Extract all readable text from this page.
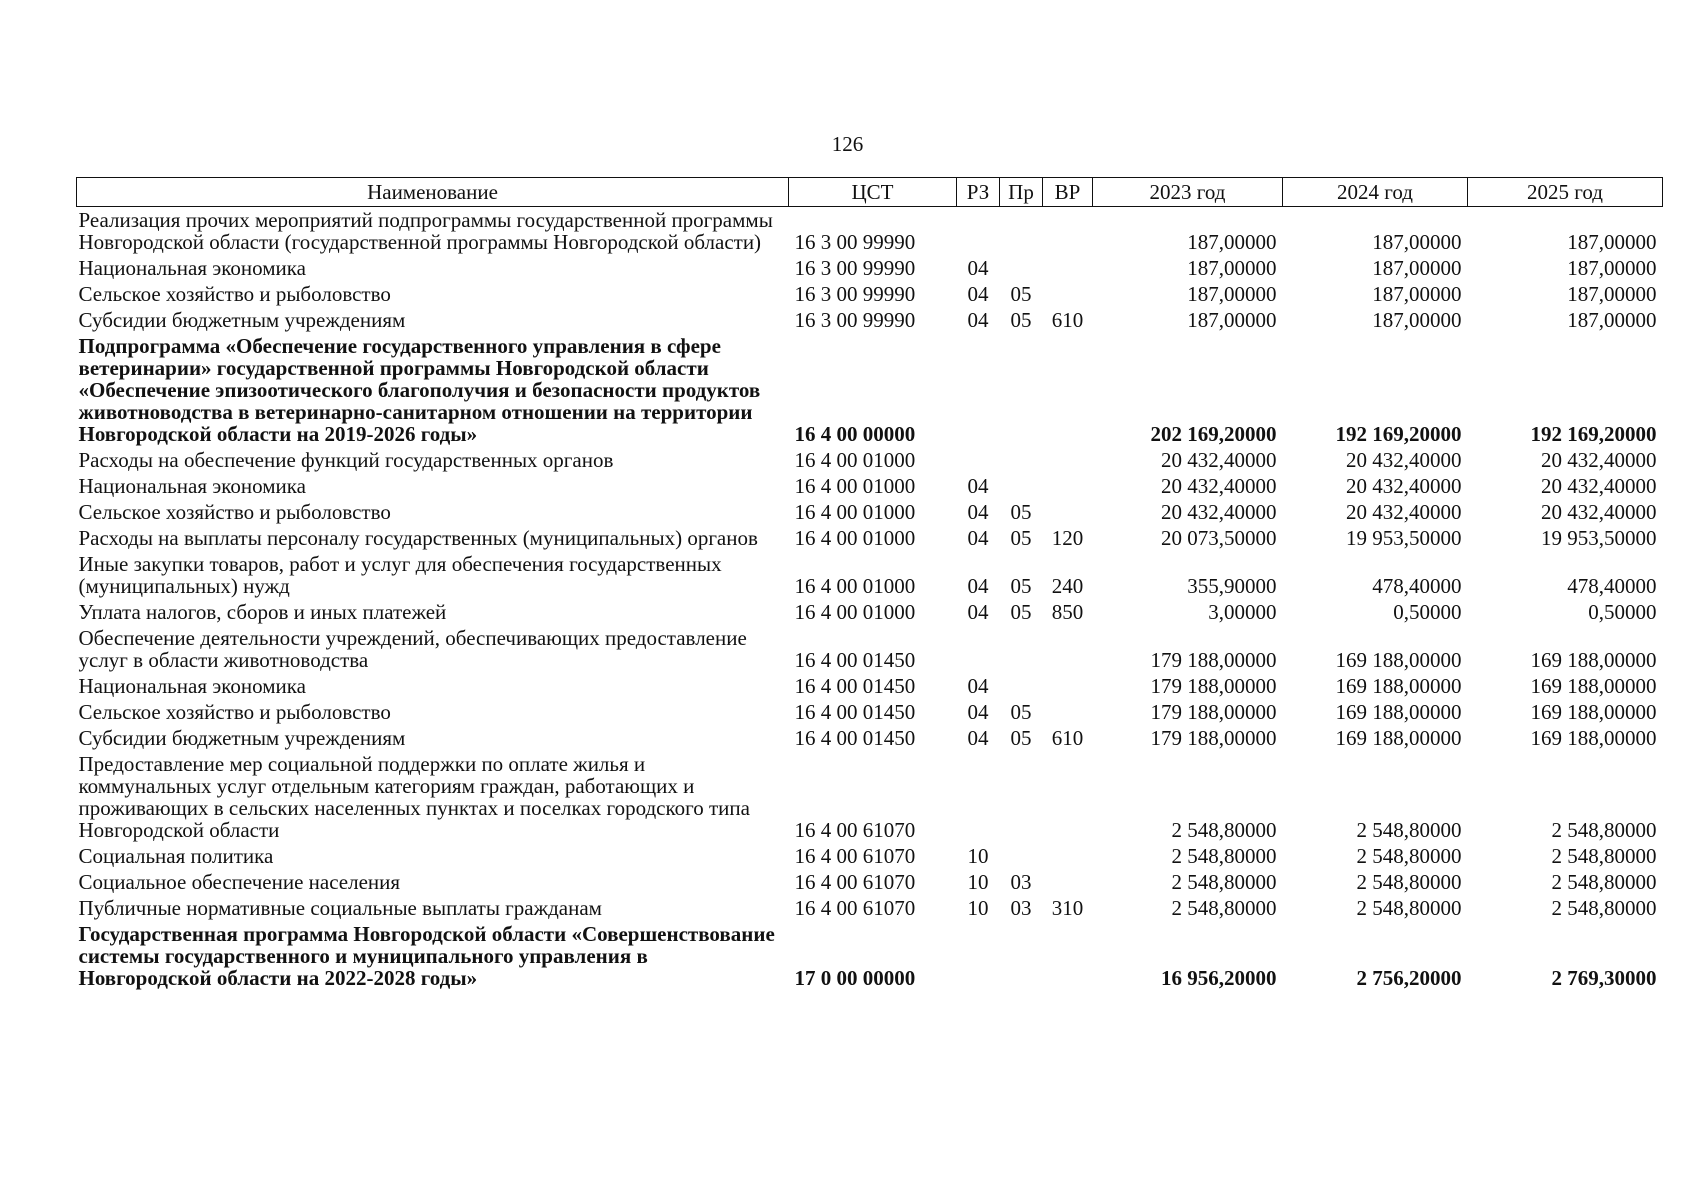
126
Наименование	ЦСТ	РЗ	Пр	ВР	2023 год	2024 год	2025 год
Реализация прочих мероприятий подпрограммы государственной программы Новгородской области (государственной программы Новгородской области)	16 3 00 99990				187,00000	187,00000	187,00000
Национальная экономика	16 3 00 99990	04			187,00000	187,00000	187,00000
Сельское хозяйство и рыболовство	16 3 00 99990	04	05		187,00000	187,00000	187,00000
Субсидии бюджетным учреждениям	16 3 00 99990	04	05	610	187,00000	187,00000	187,00000
Подпрограмма «Обеспечение государственного управления в сфере ветеринарии» государственной программы Новгородской области «Обеспечение эпизоотического благополучия и безопасности продуктов животноводства в ветеринарно-санитарном отношении на территории Новгородской области на 2019-2026 годы»	16 4 00 00000				202 169,20000	192 169,20000	192 169,20000
Расходы на обеспечение функций государственных органов	16 4 00 01000				20 432,40000	20 432,40000	20 432,40000
Национальная экономика	16 4 00 01000	04			20 432,40000	20 432,40000	20 432,40000
Сельское хозяйство и рыболовство	16 4 00 01000	04	05		20 432,40000	20 432,40000	20 432,40000
Расходы на выплаты персоналу государственных (муниципальных) органов	16 4 00 01000	04	05	120	20 073,50000	19 953,50000	19 953,50000
Иные закупки товаров, работ и услуг для обеспечения государственных (муниципальных) нужд	16 4 00 01000	04	05	240	355,90000	478,40000	478,40000
Уплата налогов, сборов и иных платежей	16 4 00 01000	04	05	850	3,00000	0,50000	0,50000
Обеспечение деятельности учреждений, обеспечивающих предоставление услуг в области животноводства	16 4 00 01450				179 188,00000	169 188,00000	169 188,00000
Национальная экономика	16 4 00 01450	04			179 188,00000	169 188,00000	169 188,00000
Сельское хозяйство и рыболовство	16 4 00 01450	04	05		179 188,00000	169 188,00000	169 188,00000
Субсидии бюджетным учреждениям	16 4 00 01450	04	05	610	179 188,00000	169 188,00000	169 188,00000
Предоставление мер социальной поддержки по оплате жилья и коммунальных услуг отдельным категориям граждан, работающих и проживающих в сельских населенных пунктах и поселках городского типа Новгородской области	16 4 00 61070				2 548,80000	2 548,80000	2 548,80000
Социальная политика	16 4 00 61070	10			2 548,80000	2 548,80000	2 548,80000
Социальное обеспечение населения	16 4 00 61070	10	03		2 548,80000	2 548,80000	2 548,80000
Публичные нормативные социальные выплаты гражданам	16 4 00 61070	10	03	310	2 548,80000	2 548,80000	2 548,80000
Государственная программа Новгородской области «Совершенствование системы государственного и муниципального управления в Новгородской области на 2022-2028 годы»	17 0 00 00000				16 956,20000	2 756,20000	2 769,30000
